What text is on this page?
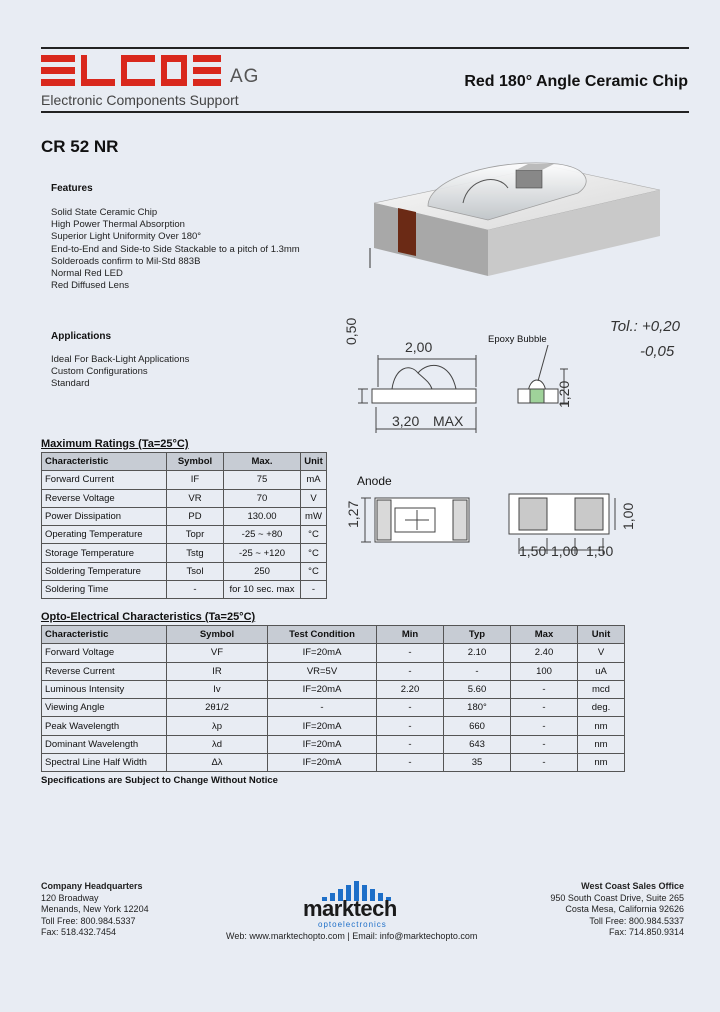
AG
Electronic Components Support
Red 180° Angle Ceramic Chip
CR 52 NR
Features
Solid State Ceramic Chip
High Power Thermal Absorption
Superior Light Uniformity Over 180°
End-to-End and Side-to Side Stackable to a pitch of 1.3mm
Solderoads confirm to Mil-Std 883B
Normal Red LED
Red Diffused Lens
Applications
Ideal For Back-Light Applications
Custom Configurations
Standard
Tol.: +0,20
-0,05
0,50
2,00
3,20 MAX
Epoxy Bubble
1,20
Maximum Ratings (Ta=25°C)
Characteristic	Symbol	Max.	Unit
Forward Current	IF	75	mA
Reverse Voltage	VR	70	V
Power Dissipation	PD	130.00	mW
Operating Temperature	Topr	-25 ~ +80	°C
Storage Temperature	Tstg	-25 ~ +120	°C
Soldering Temperature	Tsol	250	°C
Soldering Time	-	for 10 sec. max	-
Anode
1,27	1,00
1,50 1,00 1,50
Opto-Electrical Characteristics (Ta=25°C)
Characteristic	Symbol	Test Condition	Min	Typ	Max	Unit
Forward Voltage	VF	IF=20mA	-	2.10	2.40	V
Reverse Current	IR	VR=5V	-	-	100	uA
Luminous Intensity	Iv	IF=20mA	2.20	5.60	-	mcd
Viewing Angle	2θ1/2	-	-	180°	-	deg.
Peak Wavelength	λp	IF=20mA	-	660	-	nm
Dominant Wavelength	λd	IF=20mA	-	643	-	nm
Spectral Line Half Width	Δλ	IF=20mA	-	35	-	nm
Specifications are Subject to Change Without Notice
Company Headquarters
120 Broadway
Menands, New York 12204
Toll Free: 800.984.5337
Fax: 518.432.7454
West Coast Sales Office
950 South Coast Drive, Suite 265
Costa Mesa, California 92626
Toll Free: 800.984.5337
Fax: 714.850.9314
marktech
optoelectronics
Web: www.marktechopto.com | Email: info@marktechopto.com
